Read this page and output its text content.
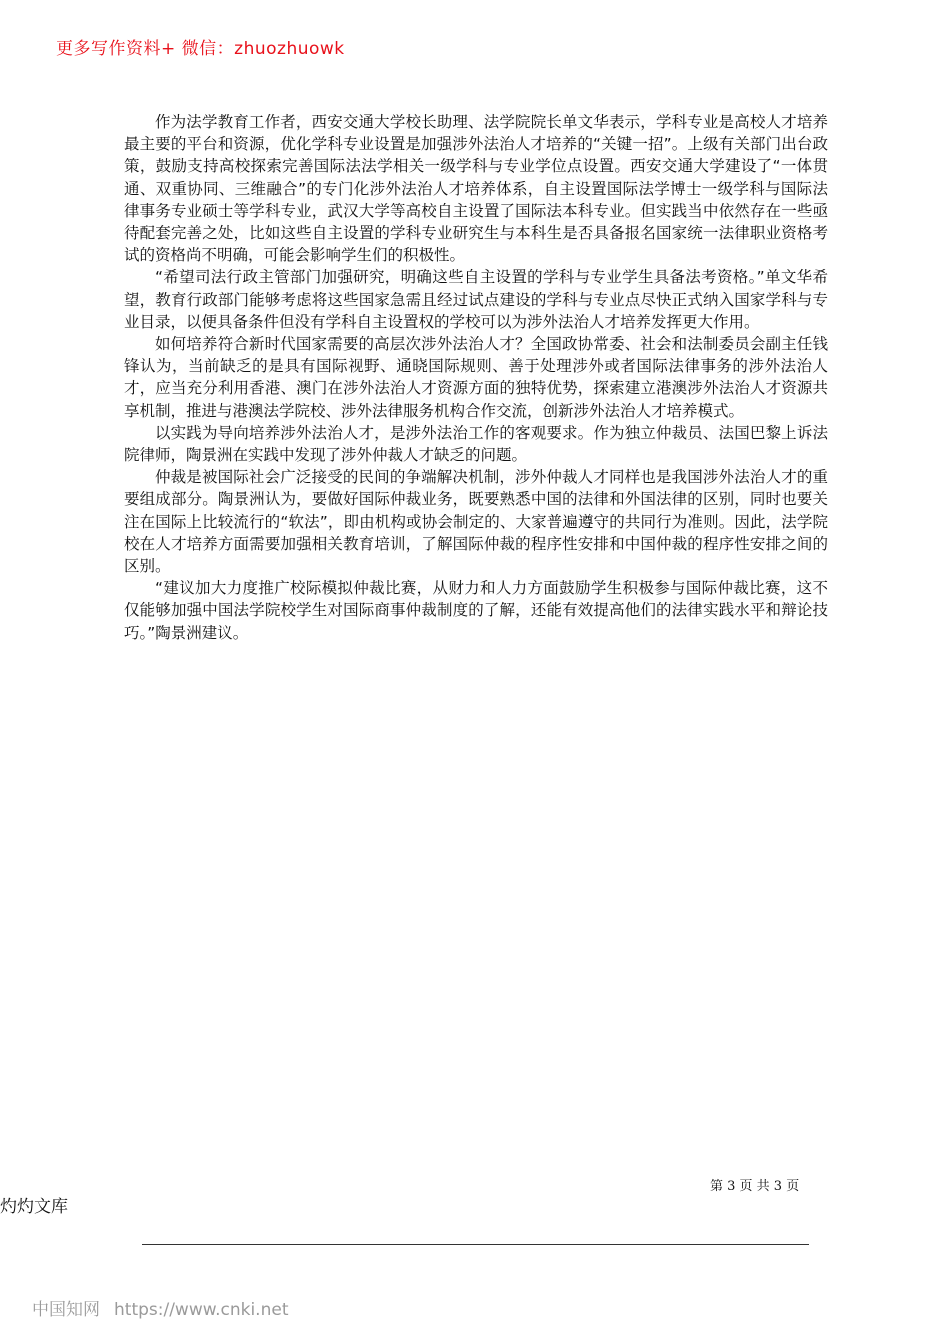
更多写作资料+ 微信：zhuozhuowk

作为法学教育工作者，西安交通大学校长助理、法学院院长单文华表示，学科专业是高校人才培养最主要的平台和资源，优化学科专业设置是加强涉外法治人才培养的“关键一招”。上级有关部门出台政策，鼓励支持高校探索完善国际法法学相关一级学科与专业学位点设置。西安交通大学建设了“一体贯通、双重协同、三维融合”的专门化涉外法治人才培养体系，自主设置国际法学博士一级学科与国际法律事务专业硕士等学科专业，武汉大学等高校自主设置了国际法本科专业。但实践当中依然存在一些亟待配套完善之处，比如这些自主设置的学科专业研究生与本科生是否具备报名国家统一法律职业资格考试的资格尚不明确，可能会影响学生们的积极性。

“希望司法行政主管部门加强研究，明确这些自主设置的学科与专业学生具备法考资格。”单文华希望，教育行政部门能够考虑将这些国家急需且经过试点建设的学科与专业点尽快正式纳入国家学科与专业目录，以便具备条件但没有学科自主设置权的学校可以为涉外法治人才培养发挥更大作用。

如何培养符合新时代国家需要的高层次涉外法治人才？全国政协常委、社会和法制委员会副主任钱锋认为，当前缺乏的是具有国际视野、通晓国际规则、善于处理涉外或者国际法律事务的涉外法治人才，应当充分利用香港、澳门在涉外法治人才资源方面的独特优势，探索建立港澳涉外法治人才资源共享机制，推进与港澳法学院校、涉外法律服务机构合作交流，创新涉外法治人才培养模式。

以实践为导向培养涉外法治人才，是涉外法治工作的客观要求。作为独立仲裁员、法国巴黎上诉法院律师，陶景洲在实践中发现了涉外仲裁人才缺乏的问题。

仲裁是被国际社会广泛接受的民间的争端解决机制，涉外仲裁人才同样也是我国涉外法治人才的重要组成部分。陶景洲认为，要做好国际仲裁业务，既要熟悉中国的法律和外国法律的区别，同时也要关注在国际上比较流行的“软法”，即由机构或协会制定的、大家普遍遵守的共同行为准则。因此，法学院校在人才培养方面需要加强相关教育培训，了解国际仲裁的程序性安排和中国仲裁的程序性安排之间的区别。

“建议加大力度推广校际模拟仲裁比赛，从财力和人力方面鼓励学生积极参与国际仲裁比赛，这不仅能够加强中国法学院校学生对国际商事仲裁制度的了解，还能有效提高他们的法律实践水平和辩论技巧。”陶景洲建议。

第 3 页 共 3 页
灼灼文库
中国知网 https://www.cnki.net
